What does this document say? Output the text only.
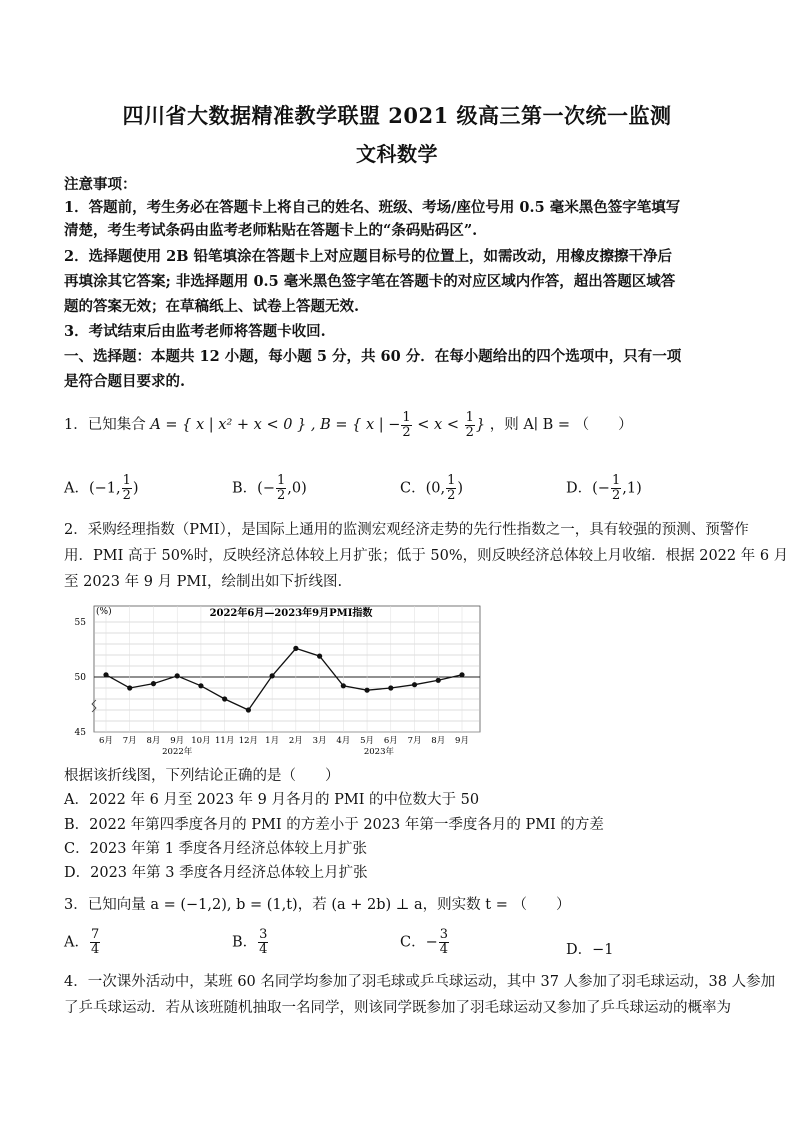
四川省大数据精准教学联盟 2021 级高三第一次统一监测
文科数学
注意事项：
1．答题前，考生务必在答题卡上将自己的姓名、班级、考场/座位号用 0.5 毫米黑色签字笔填写
清楚，考生考试条码由监考老师粘贴在答题卡上的“条码贴码区”.
2．选择题使用 2B 铅笔填涂在答题卡上对应题目标号的位置上，如需改动，用橡皮擦擦干净后
再填涂其它答案; 非选择题用 0.5 毫米黑色签字笔在答题卡的对应区域内作答，超出答题区域答
题的答案无效；在草稿纸上、试卷上答题无效.
3．考试结束后由监考老师将答题卡收回.
一、选择题：本题共 12 小题，每小题 5 分，共 60 分．在每小题给出的四个选项中，只有一项
是符合题目要求的.
1．已知集合 A = { x | x² + x < 0 } , B = { x | − $\frac{1}{2} < x < \frac{1}{2}$ } ，则 A∣ B = （　　）
A．(−1, $\frac{1}{2}$ )	B．(− $\frac{1}{2} ,0$)	C．(0, $\frac{1}{2}$ )	D．(− $\frac{1}{2} ,1$)
2．采购经理指数（PMI），是国际上通用的监测宏观经济走势的先行性指数之一，具有较强的预测、预警作
用．PMI 高于 50%时，反映经济总体较上月扩张；低于 50%，则反映经济总体较上月收缩．根据 2022 年 6 月
至 2023 年 9 月 PMI，绘制出如下折线图.
45
50
55
6月 7月 8月 9月 10月 11月 12月 1月 2月 3月 4月 5月 6月 7月 8月 9月
2022年	2023年
(%)	2022年6月—2023年9月PMI指数
根据该折线图，下列结论正确的是（　　）
A．2022 年 6 月至 2023 年 9 月各月的 PMI 的中位数大于 50
B．2022 年第四季度各月的 PMI 的方差小于 2023 年第一季度各月的 PMI 的方差
C．2023 年第 1 季度各月经济总体较上月扩张
D．2023 年第 3 季度各月经济总体较上月扩张
3．已知向量 a = (−1,2), b = (1,t)，若 (a + 2b) ⊥ a，则实数 t = （　　）
A． $\frac{7}{4}$	B． $\frac{3}{4}$	C．− $\frac{3}{4}$	D．−1
4．一次课外活动中，某班 60 名同学均参加了羽毛球或乒乓球运动，其中 37 人参加了羽毛球运动，38 人参加
了乒乓球运动．若从该班随机抽取一名同学，则该同学既参加了羽毛球运动又参加了乒乓球运动的概率为
